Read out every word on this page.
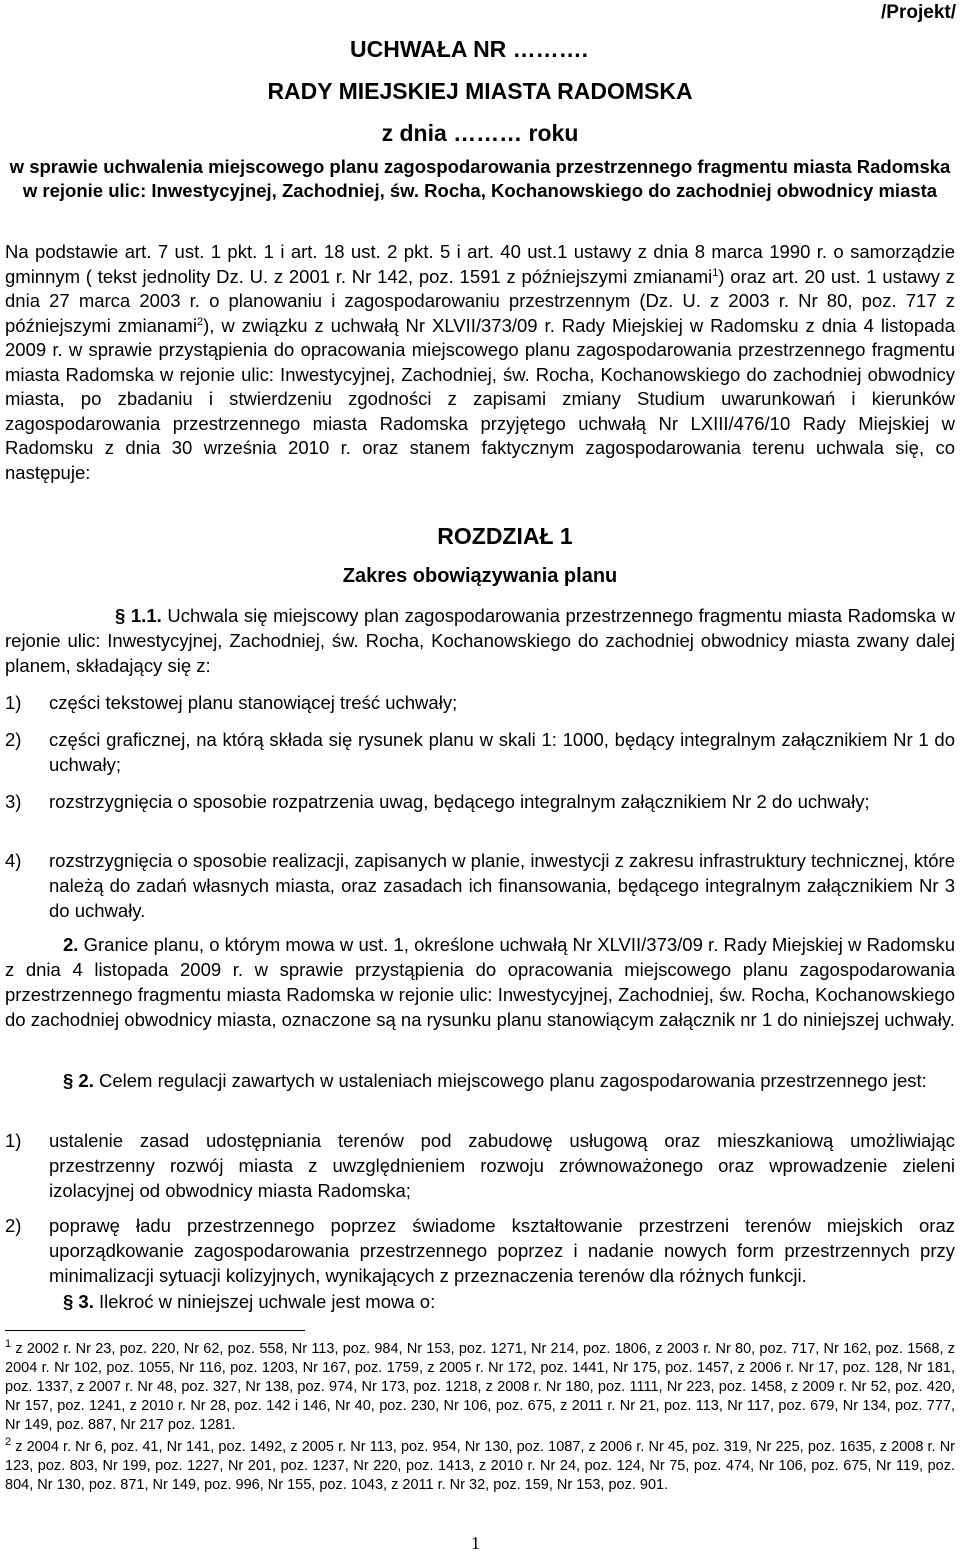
/Projekt/
UCHWAŁA NR ……….
RADY MIEJSKIEJ MIASTA RADOMSKA
z dnia ……… roku
w sprawie uchwalenia miejscowego planu zagospodarowania przestrzennego fragmentu miasta Radomska w rejonie ulic: Inwestycyjnej, Zachodniej, św. Rocha, Kochanowskiego do zachodniej obwodnicy miasta
Na podstawie art. 7 ust. 1 pkt. 1 i art. 18 ust. 2 pkt. 5 i art. 40 ust.1 ustawy z dnia 8 marca 1990 r. o samorządzie gminnym ( tekst jednolity Dz. U. z 2001 r. Nr 142, poz. 1591 z późniejszymi zmianami$^1$) oraz art. 20 ust. 1 ustawy z dnia 27 marca 2003 r. o planowaniu i zagospodarowaniu przestrzennym (Dz. U. z 2003 r. Nr 80, poz. 717 z późniejszymi zmianami$^2$), w związku z uchwałą Nr XLVII/373/09 r. Rady Miejskiej w Radomsku z dnia 4 listopada 2009 r. w sprawie przystąpienia do opracowania miejscowego planu zagospodarowania przestrzennego fragmentu miasta Radomska w rejonie ulic: Inwestycyjnej, Zachodniej, św. Rocha, Kochanowskiego do zachodniej obwodnicy miasta, po zbadaniu i stwierdzeniu zgodności z zapisami zmiany Studium uwarunkowań i kierunków zagospodarowania przestrzennego miasta Radomska przyjętego uchwałą Nr LXIII/476/10 Rady Miejskiej w Radomsku z dnia 30 września 2010 r. oraz stanem faktycznym zagospodarowania terenu uchwala się, co następuje:
ROZDZIAŁ 1
Zakres obowiązywania planu
§ 1.1. Uchwala się miejscowy plan zagospodarowania przestrzennego fragmentu miasta Radomska w rejonie ulic: Inwestycyjnej, Zachodniej, św. Rocha, Kochanowskiego do zachodniej obwodnicy miasta zwany dalej planem, składający się z:
1) części tekstowej planu stanowiącej treść uchwały;
2) części graficznej, na którą składa się rysunek planu w skali 1: 1000, będący integralnym załącznikiem Nr 1 do uchwały;
3) rozstrzygnięcia o sposobie rozpatrzenia uwag, będącego integralnym załącznikiem Nr 2 do uchwały;
4) rozstrzygnięcia o sposobie realizacji, zapisanych w planie, inwestycji z zakresu infrastruktury technicznej, które należą do zadań własnych miasta, oraz zasadach ich finansowania, będącego integralnym załącznikiem Nr 3 do uchwały.
2. Granice planu, o którym mowa w ust. 1, określone uchwałą Nr XLVII/373/09 r. Rady Miejskiej w Radomsku z dnia 4 listopada 2009 r. w sprawie przystąpienia do opracowania miejscowego planu zagospodarowania przestrzennego fragmentu miasta Radomska w rejonie ulic: Inwestycyjnej, Zachodniej, św. Rocha, Kochanowskiego do zachodniej obwodnicy miasta, oznaczone są na rysunku planu stanowiącym załącznik nr 1 do niniejszej uchwały.
§ 2. Celem regulacji zawartych w ustaleniach miejscowego planu zagospodarowania przestrzennego jest:
1) ustalenie zasad udostępniania terenów pod zabudowę usługową oraz mieszkaniową umożliwiając przestrzenny rozwój miasta z uwzględnieniem rozwoju zrównoważonego oraz wprowadzenie zieleni izolacyjnej od obwodnicy miasta Radomska;
2) poprawę ładu przestrzennego poprzez świadome kształtowanie przestrzeni terenów miejskich oraz uporządkowanie zagospodarowania przestrzennego poprzez i nadanie nowych form przestrzennych przy minimalizacji sytuacji kolizyjnych, wynikających z przeznaczenia terenów dla różnych funkcji.
§ 3. Ilekroć w niniejszej uchwale jest mowa o:
$^1$ z 2002 r. Nr 23, poz. 220, Nr 62, poz. 558, Nr 113, poz. 984, Nr 153, poz. 1271, Nr 214, poz. 1806, z 2003 r. Nr 80, poz. 717, Nr 162, poz. 1568, z 2004 r. Nr 102, poz. 1055, Nr 116, poz. 1203, Nr 167, poz. 1759, z 2005 r. Nr 172, poz. 1441, Nr 175, poz. 1457, z 2006 r. Nr 17, poz. 128, Nr 181, poz. 1337, z 2007 r. Nr 48, poz. 327, Nr 138, poz. 974, Nr 173, poz. 1218, z 2008 r. Nr 180, poz. 1111, Nr 223, poz. 1458, z 2009 r. Nr 52, poz. 420, Nr 157, poz. 1241, z 2010 r. Nr 28, poz. 142 i 146, Nr 40, poz. 230, Nr 106, poz. 675, z 2011 r. Nr 21, poz. 113, Nr 117, poz. 679, Nr 134, poz. 777, Nr 149, poz. 887, Nr 217 poz. 1281.
$^2$ z 2004 r. Nr 6, poz. 41, Nr 141, poz. 1492, z 2005 r. Nr 113, poz. 954, Nr 130, poz. 1087, z 2006 r. Nr 45, poz. 319, Nr 225, poz. 1635, z 2008 r. Nr 123, poz. 803, Nr 199, poz. 1227, Nr 201, poz. 1237, Nr 220, poz. 1413, z 2010 r. Nr 24, poz. 124, Nr 75, poz. 474, Nr 106, poz. 675, Nr 119, poz. 804, Nr 130, poz. 871, Nr 149, poz. 996, Nr 155, poz. 1043, z 2011 r. Nr 32, poz. 159, Nr 153, poz. 901.
1
